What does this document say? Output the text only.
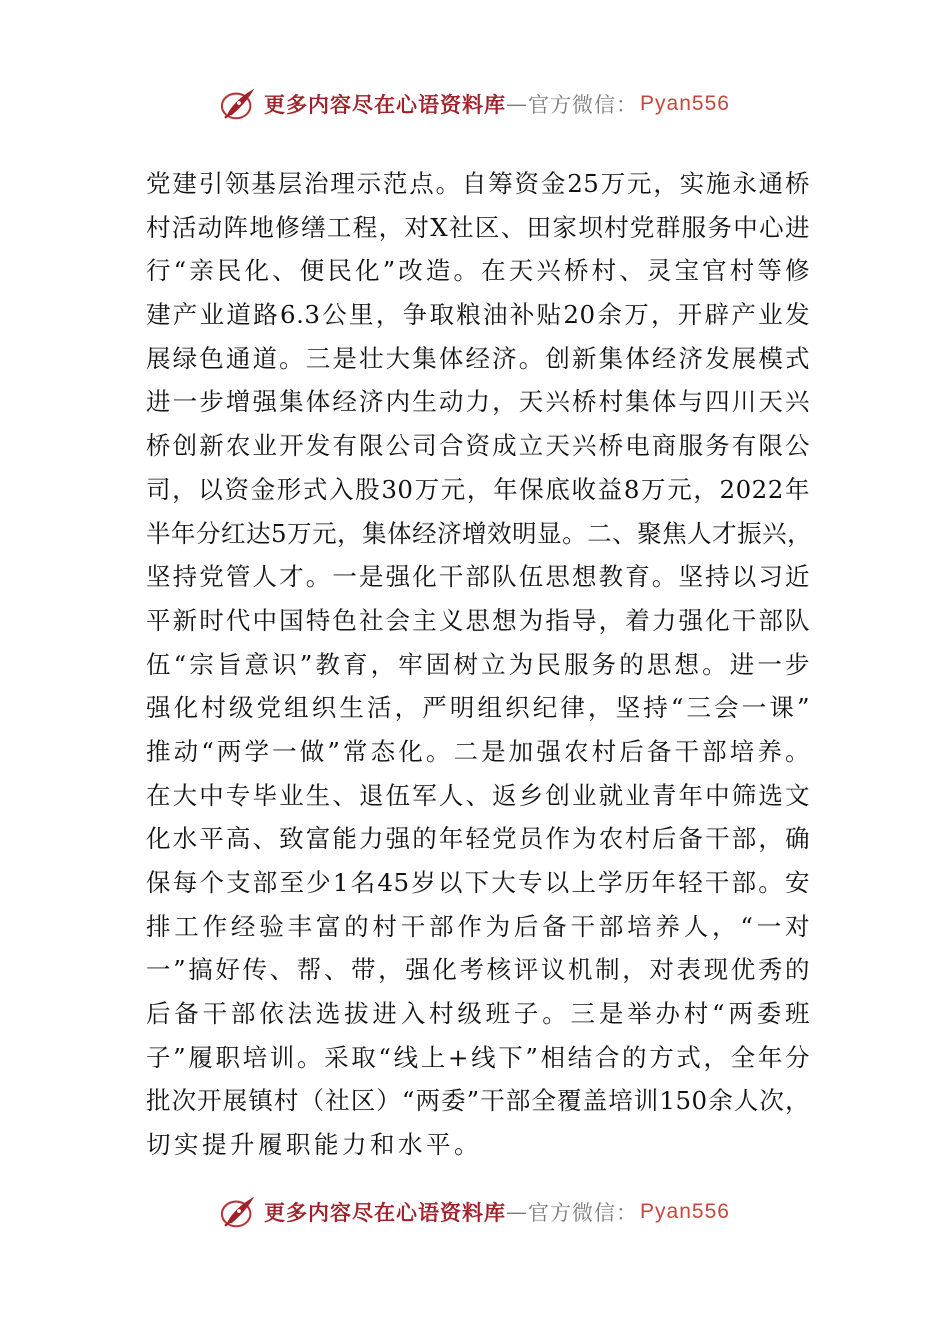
更多内容尽在心语资料库 — 官方微信： Pyan556
党建引领基层治理示范点。自筹资金25万元，实施永通桥
村活动阵地修缮工程，对X社区、田家坝村党群服务中心进
行“亲民化、便民化”改造。在天兴桥村、灵宝官村等修
建产业道路6.3公里，争取粮油补贴20余万，开辟产业发
展绿色通道。三是壮大集体经济。创新集体经济发展模式
进一步增强集体经济内生动力，天兴桥村集体与四川天兴
桥创新农业开发有限公司合资成立天兴桥电商服务有限公
司，以资金形式入股30万元，年保底收益8万元，2022年
半年分红达5万元，集体经济增效明显。二、聚焦人才振兴，
坚持党管人才。一是强化干部队伍思想教育。坚持以习近
平新时代中国特色社会主义思想为指导，着力强化干部队
伍“宗旨意识”教育，牢固树立为民服务的思想。进一步
强化村级党组织生活，严明组织纪律，坚持“三会一课”
推动“两学一做”常态化。二是加强农村后备干部培养。
在大中专毕业生、退伍军人、返乡创业就业青年中筛选文
化水平高、致富能力强的年轻党员作为农村后备干部，确
保每个支部至少1名45岁以下大专以上学历年轻干部。安
排工作经验丰富的村干部作为后备干部培养人，“一对
一”搞好传、帮、带，强化考核评议机制，对表现优秀的
后备干部依法选拔进入村级班子。三是举办村“两委班
子”履职培训。采取“线上+线下”相结合的方式，全年分
批次开展镇村（社区）“两委”干部全覆盖培训150余人次，
切实提升履职能力和水平。
更多内容尽在心语资料库 — 官方微信： Pyan556
